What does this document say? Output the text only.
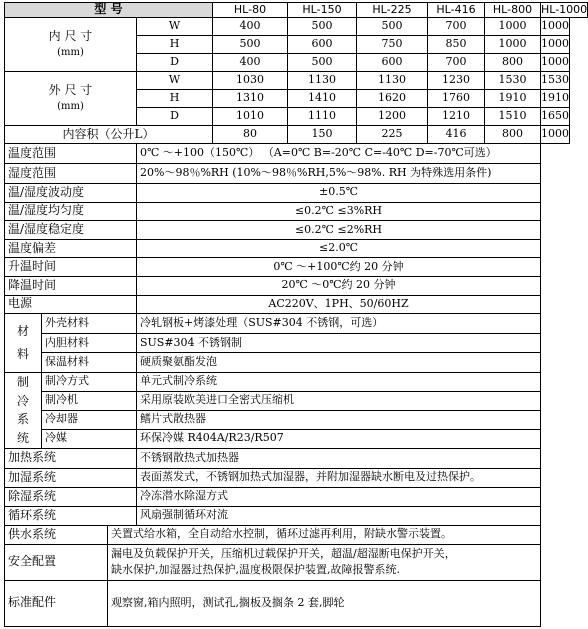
型 号	HL-80	HL-150	HL-225	HL-416	HL-800 HL-1000
内 尺 寸
(mm)
W	400	500	500	700	1000	1000
H	500	600	750	850	1000	1000
D	400	500	600	700	800	1000
外 尺 寸
(mm)
W	1030	1130	1130	1230	1530	1530
H	1310	1410	1620	1760	1910	1910
D	1010	1110	1200	1210	1510	1650
内容积（公升L）	80	150	225	416	800	1000
温度范围	0℃ ～+100（150℃） （A=0℃ B=-20℃ C=-40℃ D=-70℃可选）
湿度范围	20%～98％%RH (10%～98％%RH,5%～98%. RH 为特殊选用条件)
温/湿度波动度	±0.5℃
温/湿度均匀度	≤0.2℃ ≤3%RH
温/湿度稳定度	≤0.2℃ ≤2%RH
温度偏差	≤2.0℃
升温时间	0℃ ～+100℃约 20 分钟
降温时间	20℃ ～0℃约 20 分钟
电源	AC220V、1PH、50/60HZ
材料
外壳材料	冷轧钢板+烤漆处理（SUS#304 不锈钢，可选）
内胆材料	SUS#304 不锈钢制
保温材料	硬质聚氨酯发泡
制冷系统
制冷方式	单元式制冷系统
制冷机	采用原装欧美进口全密式压缩机
冷却器	鳍片式散热器
冷媒	环保冷媒 R404A/R23/R507
加热系统	不锈钢散热式加热器
加湿系统	表面蒸发式，不锈钢加热式加湿器，并附加湿器缺水断电及过热保护。
除湿系统	冷冻潜水除湿方式
循环系统	风扇强制循环对流
供水系统	关置式给水箱，全自动给水控制，循环过滤再利用，附缺水警示装置。
安全配置
漏电及负载保护开关，压缩机过载保护开关，超温/超湿断电保护开关，
缺水保护,加湿器过热保护,温度极限保护装置,故障报警系统.
标准配件	观察窗,箱内照明，测试孔,搁板及搁条 2 套,脚轮
